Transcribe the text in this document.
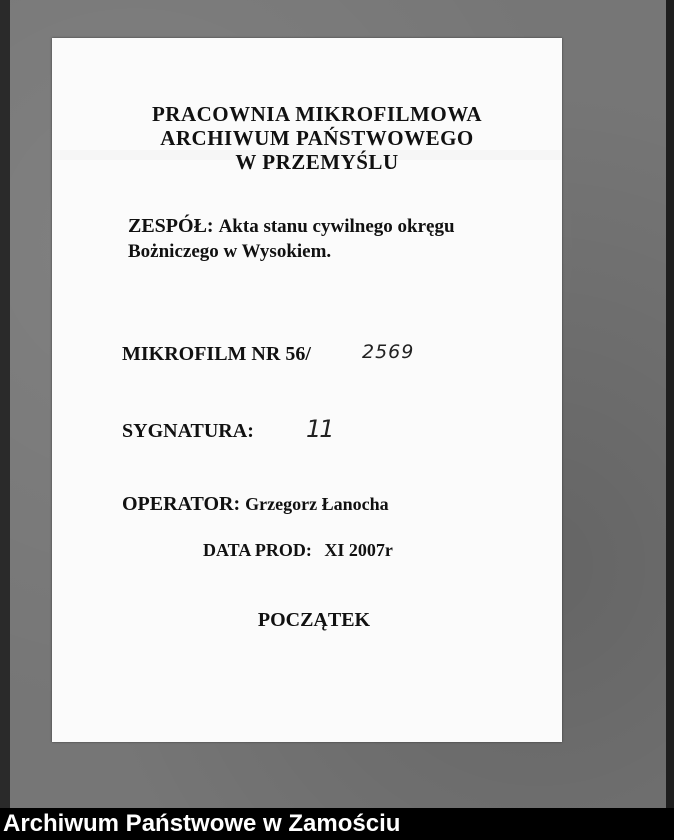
PRACOWNIA MIKROFILMOWA
ARCHIWUM PAŃSTWOWEGO
W PRZEMYŚLU
ZESPÓŁ: Akta stanu cywilnego okręgu
Bożniczego w Wysokiem.
MIKROFILM NR 56/	2569
SYGNATURA: 11
OPERATOR: Grzegorz Łanocha
DATA PROD: XI 2007r
POCZĄTEK
Archiwum Państwowe w Zamościu
